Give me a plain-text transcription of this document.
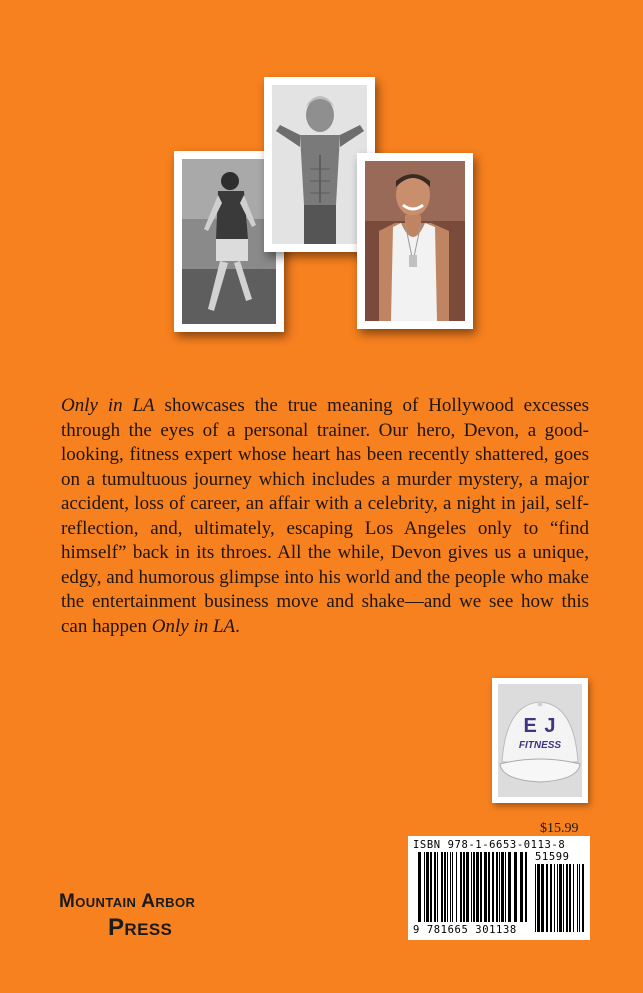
Only in LA showcases the true meaning of Hollywood excesses through the eyes of a personal trainer. Our hero, Devon, a good-looking, fitness expert whose heart has been recently shattered, goes on a tumultuous journey which includes a murder mystery, a major accident, loss of career, an affair with a celebrity, a night in jail, self-reflection, and, ultimately, escaping Los Angeles only to “find himself” back in its throes. All the while, Devon gives us a unique, edgy, and humorous glimpse into his world and the people who make the entertainment business move and shake—and we see how this can happen Only in LA.

E J
FITNESS
$15.99
ISBN 978-1-6653-0113-8
51599
9 781665 301138
Mountain Arbor
Press
